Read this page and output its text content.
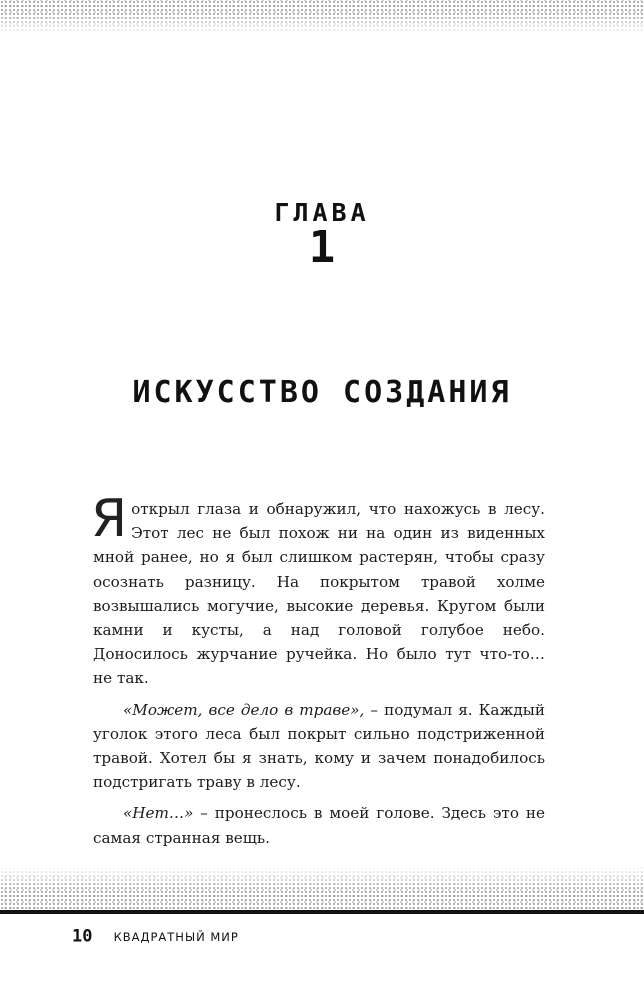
ГЛАВА
1
ИСКУССТВО СОЗДАНИЯ

Яоткрыл глаза и обнаружил, что нахожусь в лесу. Этот лес не был похож ни на один из виденных мной ранее, но я был слишком растерян, чтобы сразу осознать разницу. На покрытом травой холме возвышались могучие, высокие деревья. Кругом были камни и кусты, а над головой голубое небо. Доносилось журчание ручейка. Но было тут что-то… не так.

«Может, все дело в траве», – подумал я. Каждый уголок этого леса был покрыт сильно подстриженной травой. Хотел бы я знать, кому и зачем понадобилось подстригать траву в лесу.

«Нет…» – пронеслось в моей голове. Здесь это не самая странная вещь.

10 КВАДРАТНЫЙ МИР
